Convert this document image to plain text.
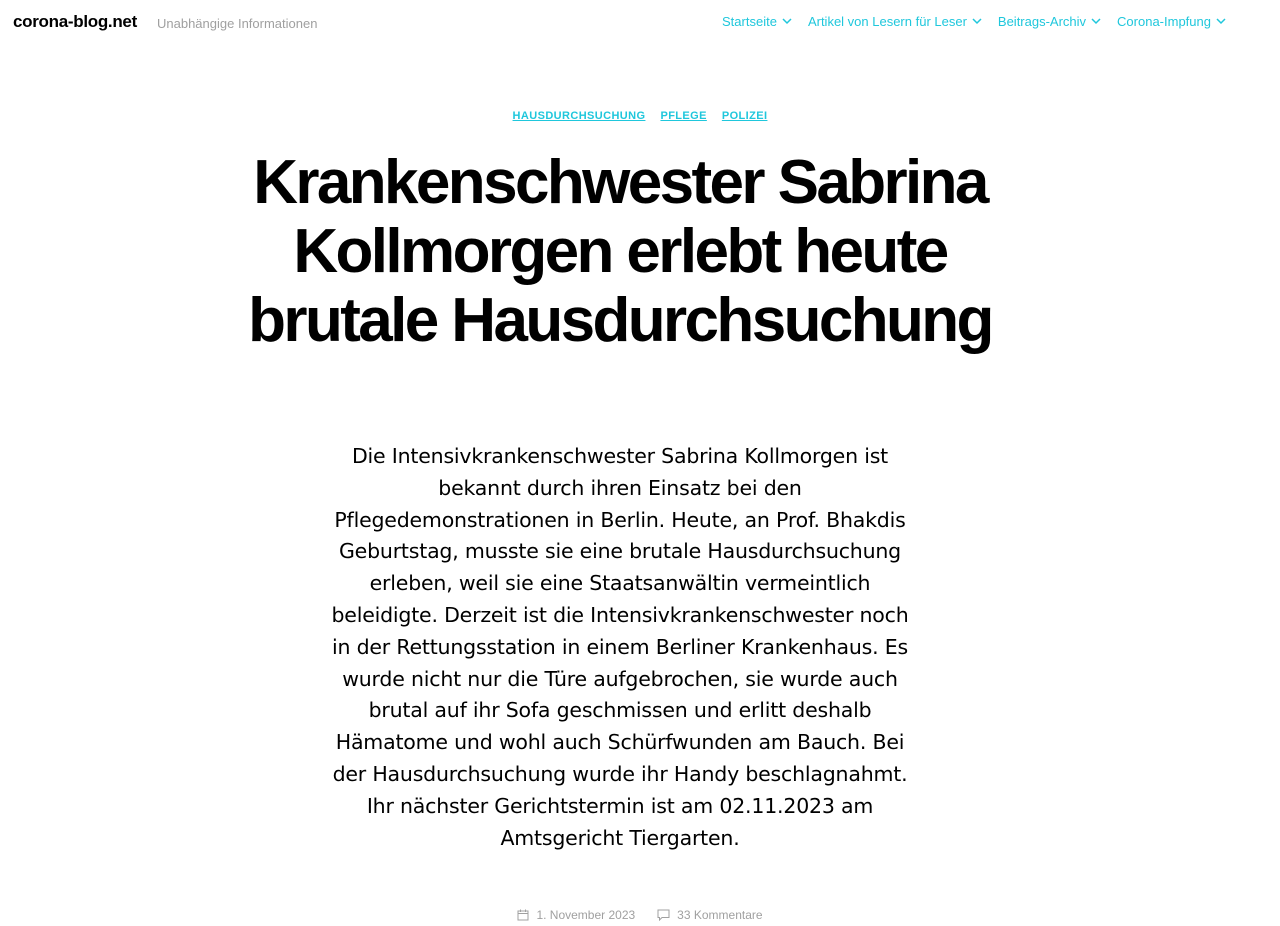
corona-blog.net Unabhängige Informationen	Startseite Artikel von Lesern für Leser Beitrags-Archiv Corona-Impfung
HAUSDURCHSUCHUNG PFLEGE POLIZEI
Krankenschwester Sabrina Kollmorgen erlebt heute brutale Hausdurchsuchung

Die Intensivkrankenschwester Sabrina Kollmorgen ist bekannt durch ihren Einsatz bei den Pflegedemonstrationen in Berlin. Heute, an Prof. Bhakdis Geburtstag, musste sie eine brutale Hausdurchsuchung erleben, weil sie eine Staatsanwältin vermeintlich beleidigte. Derzeit ist die Intensivkrankenschwester noch in der Rettungsstation in einem Berliner Krankenhaus. Es wurde nicht nur die Türe aufgebrochen, sie wurde auch brutal auf ihr Sofa geschmissen und erlitt deshalb Hämatome und wohl auch Schürfwunden am Bauch. Bei der Hausdurchsuchung wurde ihr Handy beschlagnahmt. Ihr nächster Gerichtstermin ist am 02.11.2023 am Amtsgericht Tiergarten.

1. November 2023	33 Kommentare
